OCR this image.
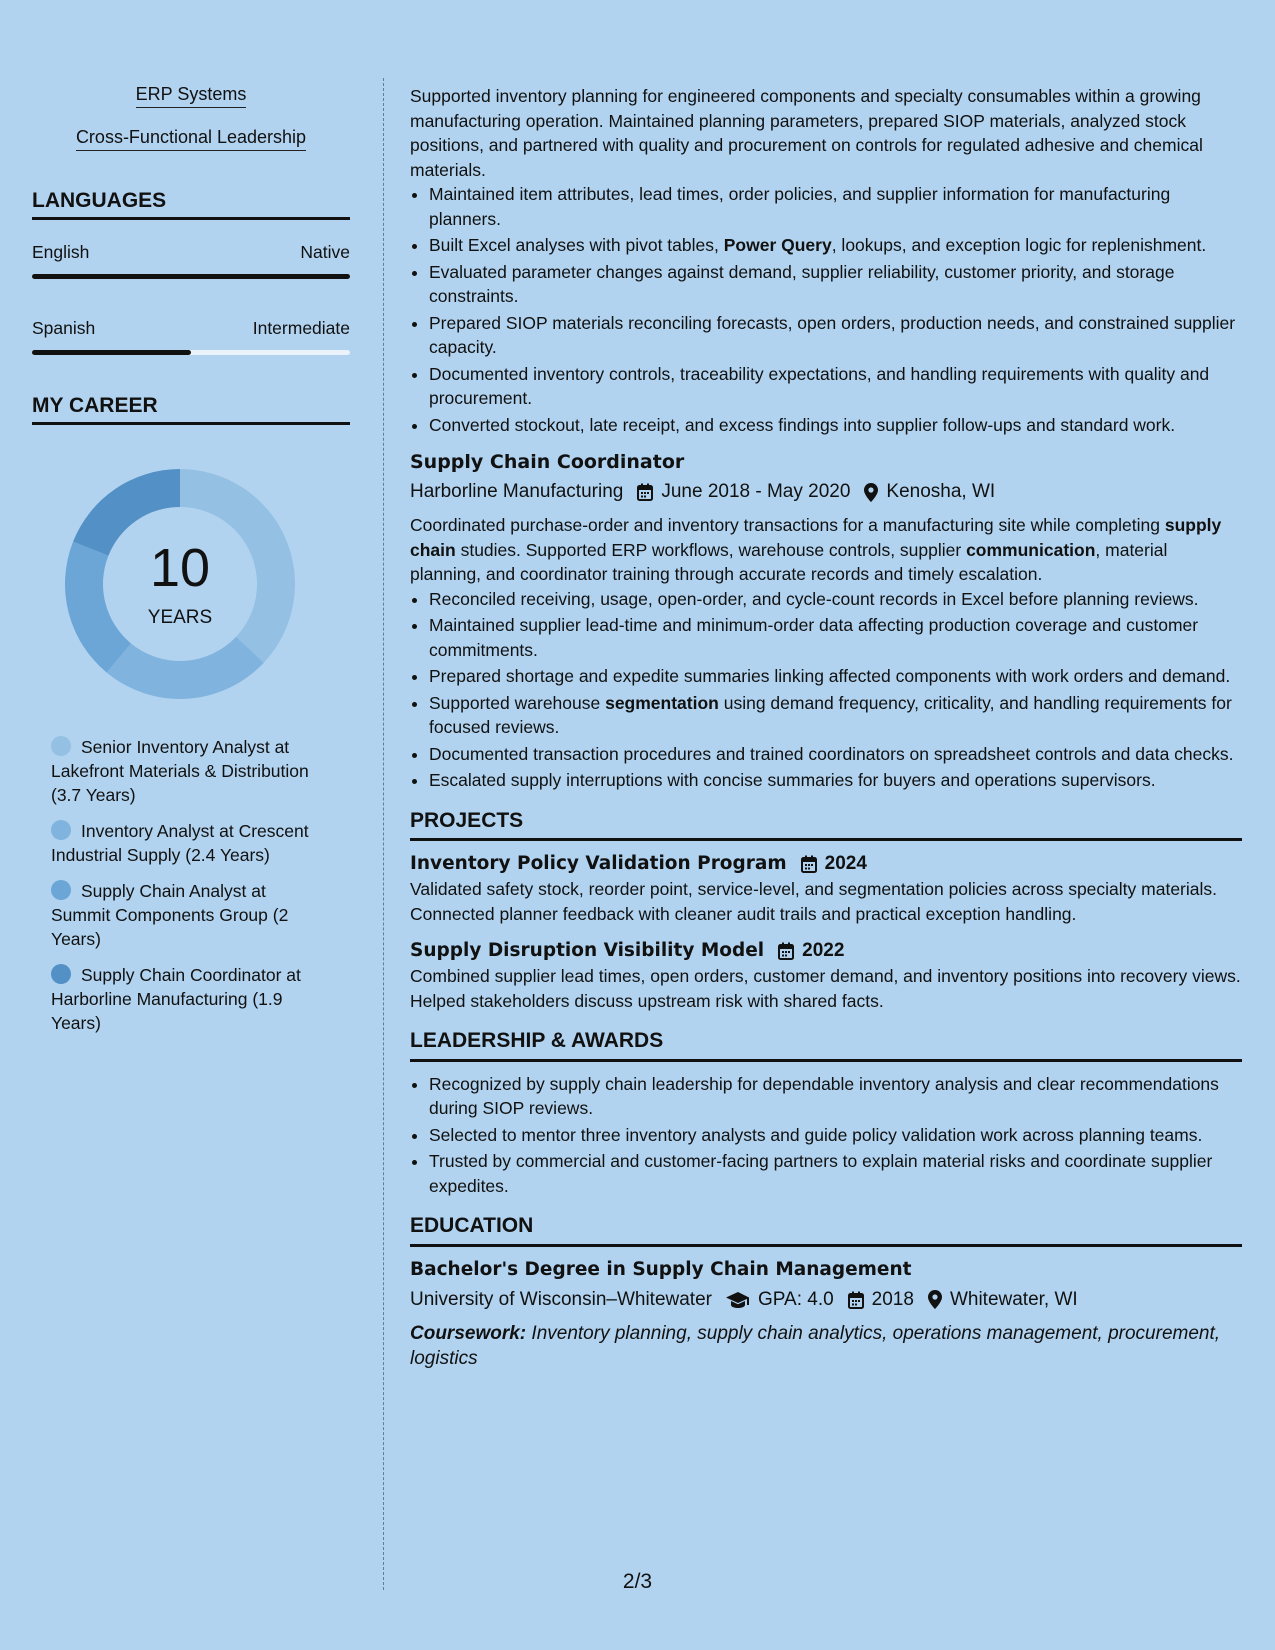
ERP Systems
Cross-Functional Leadership
LANGUAGES
English	Native
Spanish	Intermediate
MY CAREER
10
YEARS
Senior Inventory Analyst at Lakefront Materials & Distribution (3.7 Years)
Inventory Analyst at Crescent Industrial Supply (2.4 Years)
Supply Chain Analyst at Summit Components Group (2 Years)
Supply Chain Coordinator at Harborline Manufacturing (1.9 Years)

Supported inventory planning for engineered components and specialty consumables within a growing manufacturing operation. Maintained planning parameters, prepared SIOP materials, analyzed stock positions, and partnered with quality and procurement on controls for regulated adhesive and chemical materials.

• Maintained item attributes, lead times, order policies, and supplier information for manufacturing planners.
• Built Excel analyses with pivot tables, Power Query, lookups, and exception logic for replenishment.
• Evaluated parameter changes against demand, supplier reliability, customer priority, and storage constraints.
• Prepared SIOP materials reconciling forecasts, open orders, production needs, and constrained supplier capacity.
• Documented inventory controls, traceability expectations, and handling requirements with quality and procurement.
• Converted stockout, late receipt, and excess findings into supplier follow-ups and standard work.
Supply Chain Coordinator
Harborline Manufacturing June 2018 - May 2020 Kenosha, WI

Coordinated purchase-order and inventory transactions for a manufacturing site while completing supply chain studies. Supported ERP workflows, warehouse controls, supplier communication, material planning, and coordinator training through accurate records and timely escalation.

• Reconciled receiving, usage, open-order, and cycle-count records in Excel before planning reviews.
• Maintained supplier lead-time and minimum-order data affecting production coverage and customer commitments.
• Prepared shortage and expedite summaries linking affected components with work orders and demand.
• Supported warehouse segmentation using demand frequency, criticality, and handling requirements for focused reviews.
• Documented transaction procedures and trained coordinators on spreadsheet controls and data checks.
• Escalated supply interruptions with concise summaries for buyers and operations supervisors.
PROJECTS
Inventory Policy Validation Program 2024

Validated safety stock, reorder point, service-level, and segmentation policies across specialty materials. Connected planner feedback with cleaner audit trails and practical exception handling.

Supply Disruption Visibility Model 2022

Combined supplier lead times, open orders, customer demand, and inventory positions into recovery views. Helped stakeholders discuss upstream risk with shared facts.

LEADERSHIP & AWARDS
• Recognized by supply chain leadership for dependable inventory analysis and clear recommendations during SIOP reviews.
• Selected to mentor three inventory analysts and guide policy validation work across planning teams.
• Trusted by commercial and customer-facing partners to explain material risks and coordinate supplier expedites.
EDUCATION
Bachelor's Degree in Supply Chain Management
University of Wisconsin–Whitewater GPA: 4.0 2018 Whitewater, WI

Coursework: Inventory planning, supply chain analytics, operations management, procurement, logistics

2/3
